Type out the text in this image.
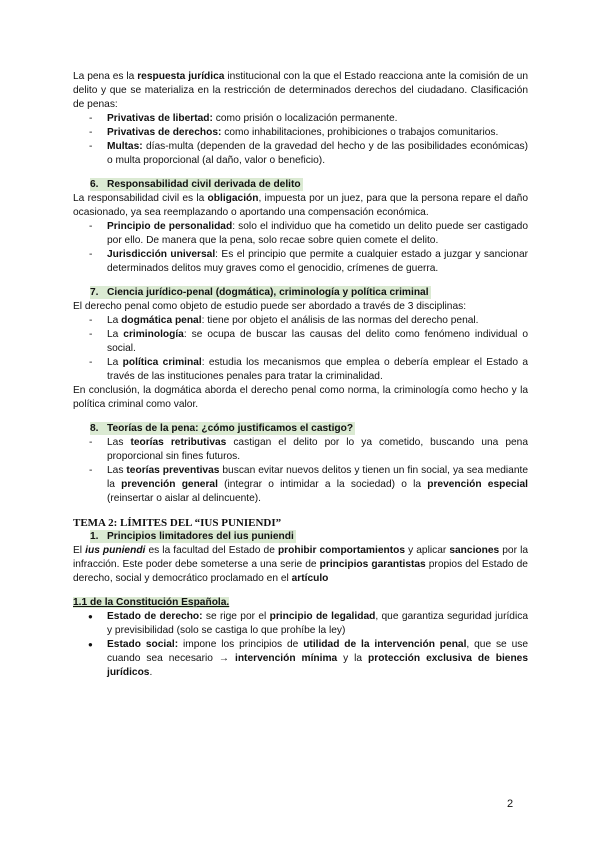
La pena es la respuesta jurídica institucional con la que el Estado reacciona ante la comisión de un delito y que se materializa en la restricción de determinados derechos del ciudadano. Clasificación de penas:

- Privativas de libertad: como prisión o localización permanente.
- Privativas de derechos: como inhabilitaciones, prohibiciones o trabajos comunitarios.
- Multas: días-multa (dependen de la gravedad del hecho y de las posibilidades económicas) o multa proporcional (al daño, valor o beneficio).

6. Responsabilidad civil derivada de delito

La responsabilidad civil es la obligación, impuesta por un juez, para que la persona repare el daño ocasionado, ya sea reemplazando o aportando una compensación económica.

- Principio de personalidad: solo el individuo que ha cometido un delito puede ser castigado por ello. De manera que la pena, solo recae sobre quien comete el delito.
- Jurisdicción universal: Es el principio que permite a cualquier estado a juzgar y sancionar determinados delitos muy graves como el genocidio, crímenes de guerra.

7. Ciencia jurídico-penal (dogmática), criminología y política criminal

El derecho penal como objeto de estudio puede ser abordado a través de 3 disciplinas:

- La dogmática penal: tiene por objeto el análisis de las normas del derecho penal.
- La criminología: se ocupa de buscar las causas del delito como fenómeno individual o social.
- La política criminal: estudia los mecanismos que emplea o debería emplear el Estado a través de las instituciones penales para tratar la criminalidad.

En conclusión, la dogmática aborda el derecho penal como norma, la criminología como hecho y la política criminal como valor.

8. Teorías de la pena: ¿cómo justificamos el castigo?

- Las teorías retributivas castigan el delito por lo ya cometido, buscando una pena proporcional sin fines futuros.
- Las teorías preventivas buscan evitar nuevos delitos y tienen un fin social, ya sea mediante la prevención general (integrar o intimidar a la sociedad) o la prevención especial (reinsertar o aislar al delincuente).

TEMA 2: LÍMITES DEL “IUS PUNIENDI”

1. Principios limitadores del ius puniendi

El ius puniendi es la facultad del Estado de prohibir comportamientos y aplicar sanciones por la infracción. Este poder debe someterse a una serie de principios garantistas propios del Estado de derecho, social y democrático proclamado en el artículo

1.1 de la Constitución Española.

● Estado de derecho: se rige por el principio de legalidad, que garantiza seguridad jurídica y previsibilidad (solo se castiga lo que prohíbe la ley)
● Estado social: impone los principios de utilidad de la intervención penal, que se use cuando sea necesario → intervención mínima y la protección exclusiva de bienes jurídicos.
2
